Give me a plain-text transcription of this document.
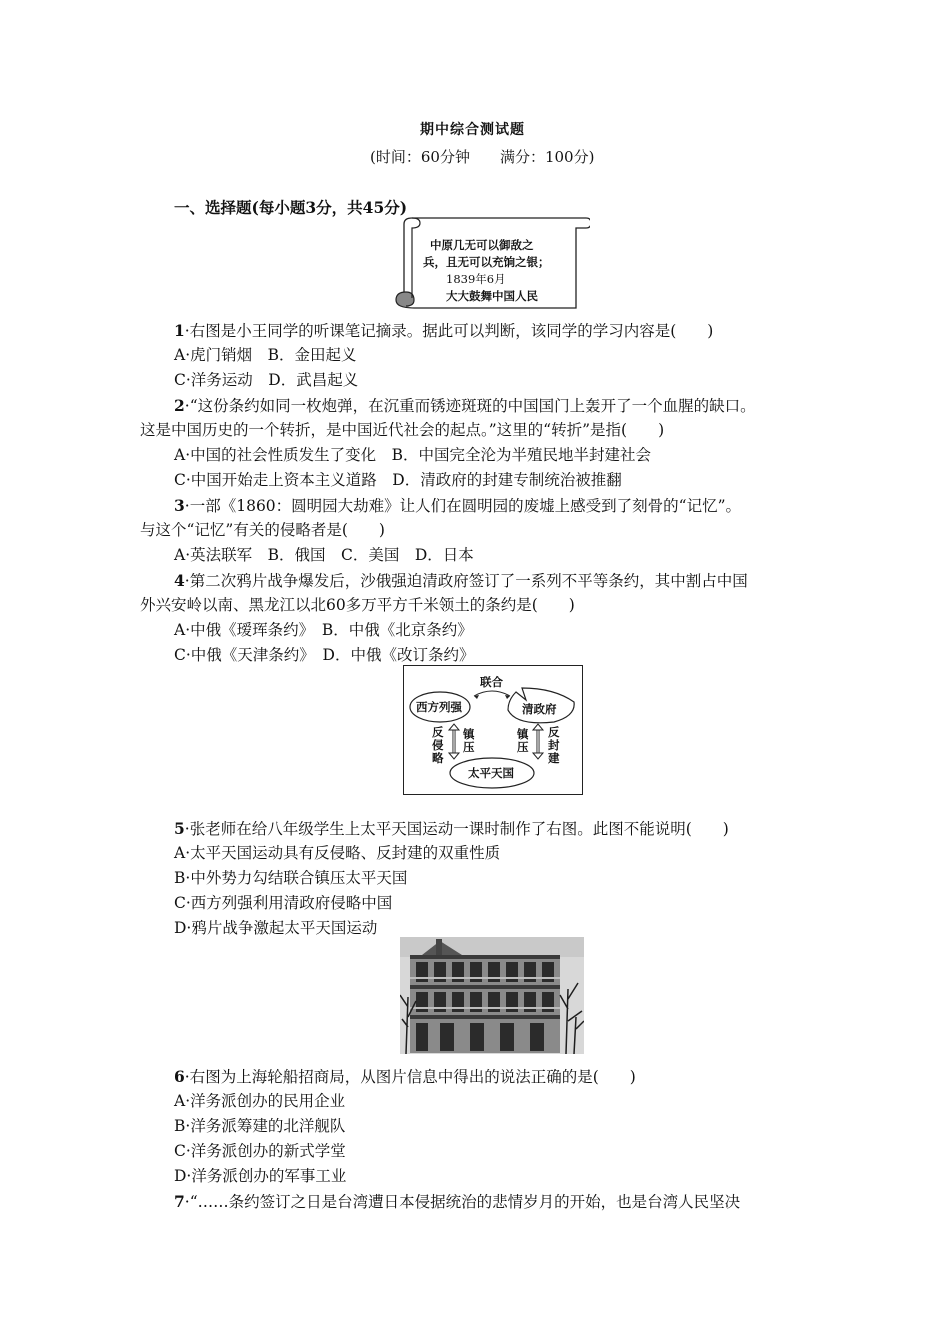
期中综合测试题
(时间：60分钟　　满分：100分)
一、选择题(每小题3分，共45分)
中原几无可以御敌之
兵，且无可以充饷之银；
1839年6月
大大鼓舞中国人民
1·右图是小王同学的听课笔记摘录。据此可以判断，该同学的学习内容是(　　)
A·虎门销烟　B．金田起义
C·洋务运动　D．武昌起义
2·“这份条约如同一枚炮弹，在沉重而锈迹斑斑的中国国门上轰开了一个血腥的缺口。
这是中国历史的一个转折，是中国近代社会的起点。”这里的“转折”是指(　　)
A·中国的社会性质发生了变化　B．中国完全沦为半殖民地半封建社会
C·中国开始走上资本主义道路　D．清政府的封建专制统治被推翻
3·一部《1860：圆明园大劫难》让人们在圆明园的废墟上感受到了刻骨的“记忆”。
与这个“记忆”有关的侵略者是(　　)
A·英法联军　B．俄国　C．美国　D．日本
4·第二次鸦片战争爆发后，沙俄强迫清政府签订了一系列不平等条约，其中割占中国
外兴安岭以南、黑龙江以北60多万平方千米领土的条约是(　　)
A·中俄《瑷珲条约》　B．中俄《北京条约》
C·中俄《天津条约》　D．中俄《改订条约》
西方列强	清政府
太平天国
联合
反侵略
镇压
镇压
反封建
5·张老师在给八年级学生上太平天国运动一课时制作了右图。此图不能说明(　　)
A·太平天国运动具有反侵略、反封建的双重性质
B·中外势力勾结联合镇压太平天国
C·西方列强利用清政府侵略中国
D·鸦片战争激起太平天国运动
6·右图为上海轮船招商局，从图片信息中得出的说法正确的是(　　)
A·洋务派创办的民用企业
B·洋务派筹建的北洋舰队
C·洋务派创办的新式学堂
D·洋务派创办的军事工业
7·“……条约签订之日是台湾遭日本侵据统治的悲情岁月的开始，也是台湾人民坚决
